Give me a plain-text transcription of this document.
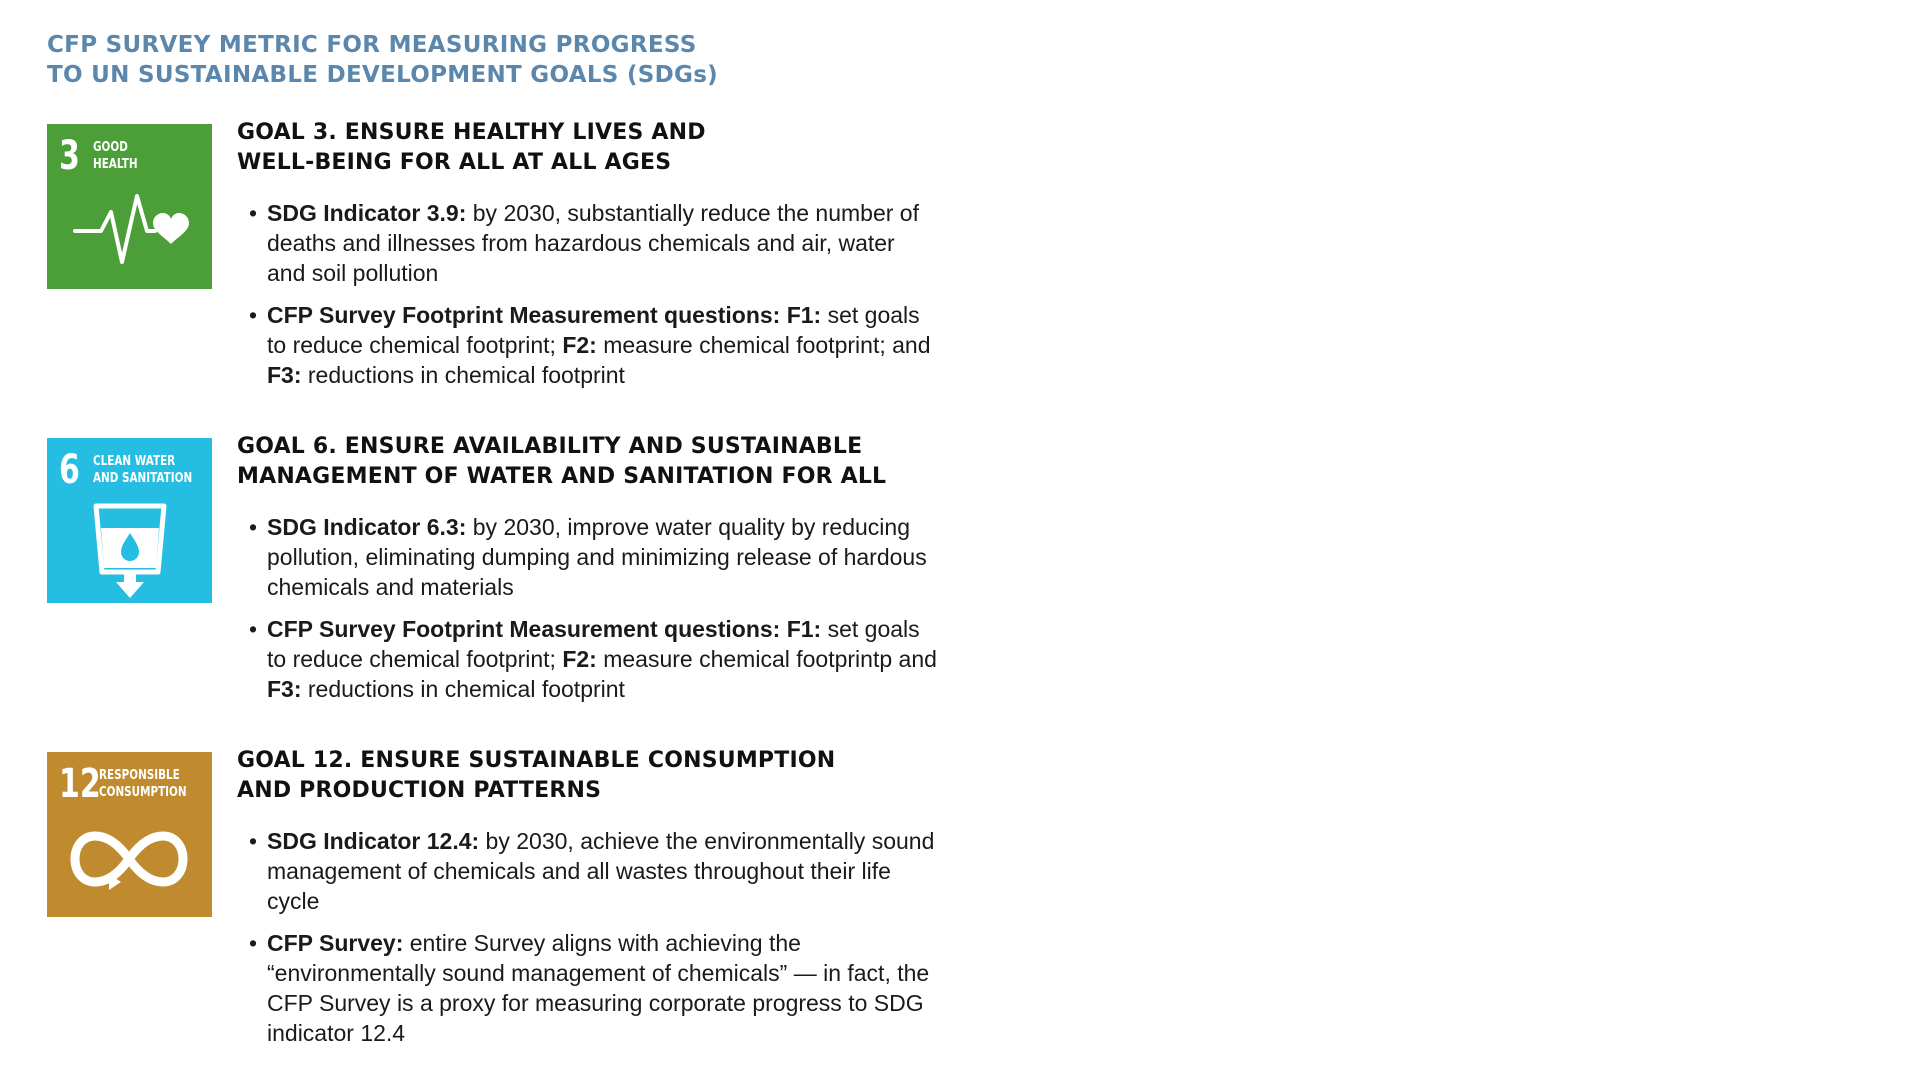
CFP SURVEY METRIC FOR MEASURING PROGRESS
TO UN SUSTAINABLE DEVELOPMENT GOALS (SDGs)
3 GOOD
HEALTH
GOAL 3. ENSURE HEALTHY LIVES AND
WELL-BEING FOR ALL AT ALL AGES
• SDG Indicator 3.9: by 2030, substantially reduce the number of deaths and illnesses from hazardous chemicals and air, water and soil pollution
• CFP Survey Footprint Measurement questions: F1: set goals to reduce chemical footprint; F2: measure chemical footprint; and F3: reductions in chemical footprint
6 CLEAN WATER
AND SANITATION
GOAL 6. ENSURE AVAILABILITY AND SUSTAINABLE
MANAGEMENT OF WATER AND SANITATION FOR ALL
• SDG Indicator 6.3: by 2030, improve water quality by reducing pollution, eliminating dumping and minimizing release of hardous chemicals and materials
• CFP Survey Footprint Measurement questions: F1: set goals to reduce chemical footprint; F2: measure chemical footprintp and F3: reductions in chemical footprint
12
RESPONSIBLE
CONSUMPTION
GOAL 12. ENSURE SUSTAINABLE CONSUMPTION
AND PRODUCTION PATTERNS
• SDG Indicator 12.4: by 2030, achieve the environmentally sound management of chemicals and all wastes throughout their life cycle
• CFP Survey: entire Survey aligns with achieving the “environmentally sound management of chemicals” — in fact, the CFP Survey is a proxy for measuring corporate progress to SDG indicator 12.4
